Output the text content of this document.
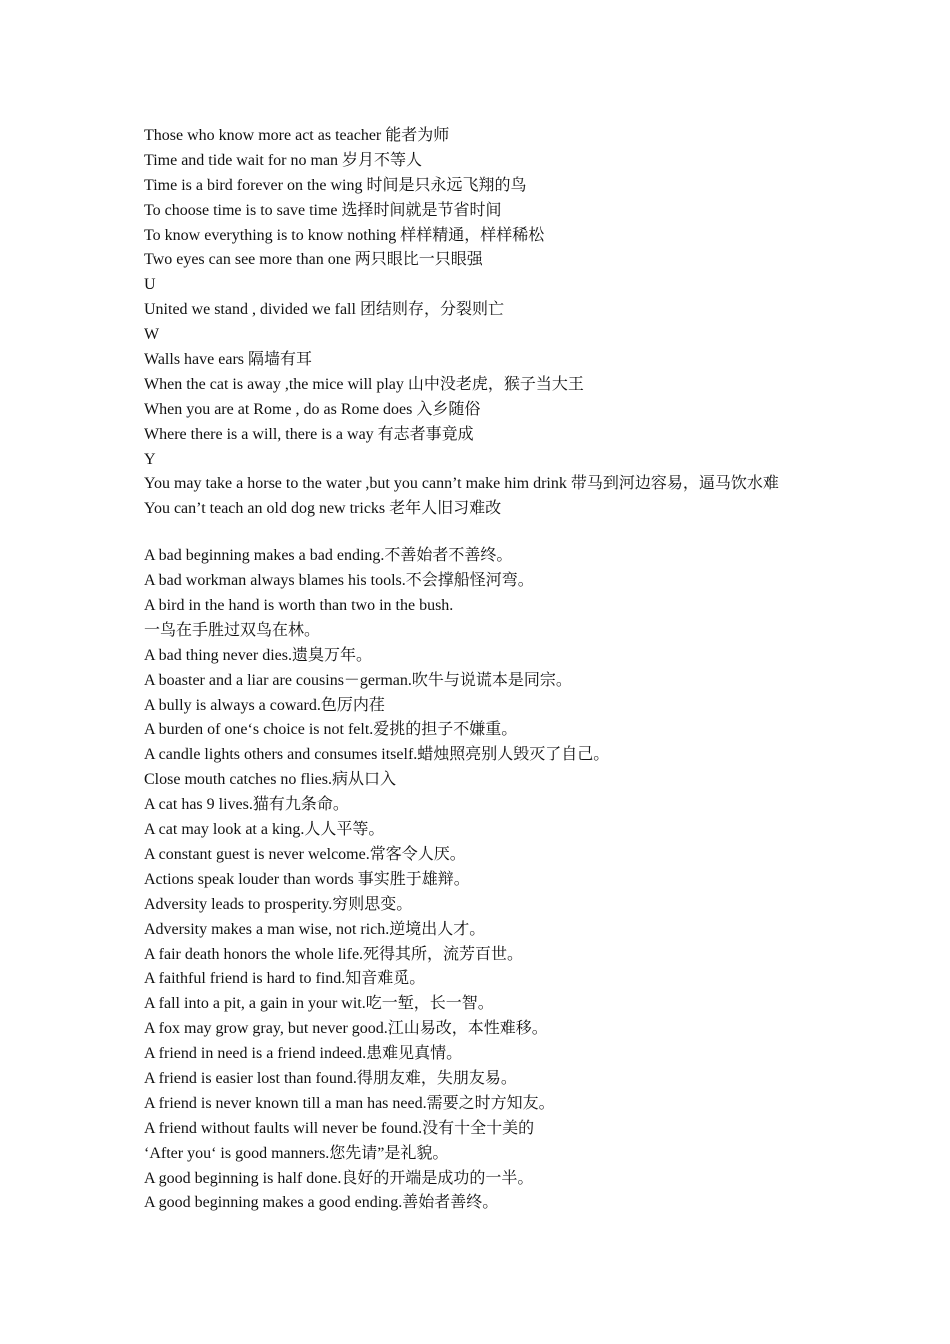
Those who know more act as teacher 能者为师
Time and tide wait for no man 岁月不等人
Time is a bird forever on the wing 时间是只永远飞翔的鸟
To choose time is to save time 选择时间就是节省时间
To know everything is to know nothing 样样精通，样样稀松
Two eyes can see more than one 两只眼比一只眼强
U
United we stand , divided we fall 团结则存，分裂则亡
W
Walls have ears 隔墙有耳
When the cat is away ,the mice will play 山中没老虎，猴子当大王
When you are at Rome , do as Rome does 入乡随俗
Where there is a will, there is a way 有志者事竟成
Y
You may take a horse to the water ,but you cann’t make him drink 带马到河边容易，逼马饮水难
You can’t teach an old dog new tricks 老年人旧习难改
A bad beginning makes a bad ending.不善始者不善终。
A bad workman always blames his tools.不会撑船怪河弯。
A bird in the hand is worth than two in the bush.
一鸟在手胜过双鸟在林。
A bad thing never dies.遗臭万年。
A boaster and a liar are cousins－german.吹牛与说谎本是同宗。
A bully is always a coward.色厉内荏
A burden of one‘s choice is not felt.爱挑的担子不嫌重。
A candle lights others and consumes itself.蜡烛照亮别人毁灭了自己。
Close mouth catches no flies.病从口入
A cat has 9 lives.猫有九条命。
A cat may look at a king.人人平等。
A constant guest is never welcome.常客令人厌。
Actions speak louder than words 事实胜于雄辩。
Adversity leads to prosperity.穷则思变。
Adversity makes a man wise, not rich.逆境出人才。
A fair death honors the whole life.死得其所，流芳百世。
A faithful friend is hard to find.知音难觅。
A fall into a pit, a gain in your wit.吃一堑，长一智。
A fox may grow gray, but never good.江山易改，本性难移。
A friend in need is a friend indeed.患难见真情。
A friend is easier lost than found.得朋友难，失朋友易。
A friend is never known till a man has need.需要之时方知友。
A friend without faults will never be found.没有十全十美的
‘After you‘ is good manners.您先请”是礼貌。
A good beginning is half done.良好的开端是成功的一半。
A good beginning makes a good ending.善始者善终。
